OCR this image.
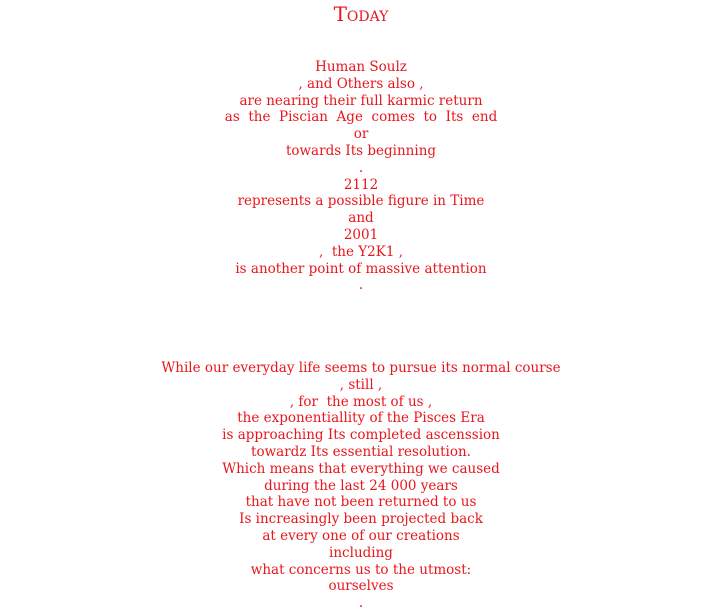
Today
Human Soulz
, and Others also ,
are nearing their full karmic return
as  the  Piscian  Age  comes  to  Its  end
or
towards Its beginning
.
2112
represents a possible figure in Time
and
2001
,  the Y2K1 ,
is another point of massive attention
.
While our everyday life seems to pursue its normal course
, still ,
, for  the most of us ,
the exponentiallity of the Pisces Era
is approaching Its completed ascenssion
towardz Its essential resolution.
Which means that everything we caused
during the last 24 000 years
that have not been returned to us
Is increasingly been projected back
at every one of our creations
including
what concerns us to the utmost:
ourselves
.
